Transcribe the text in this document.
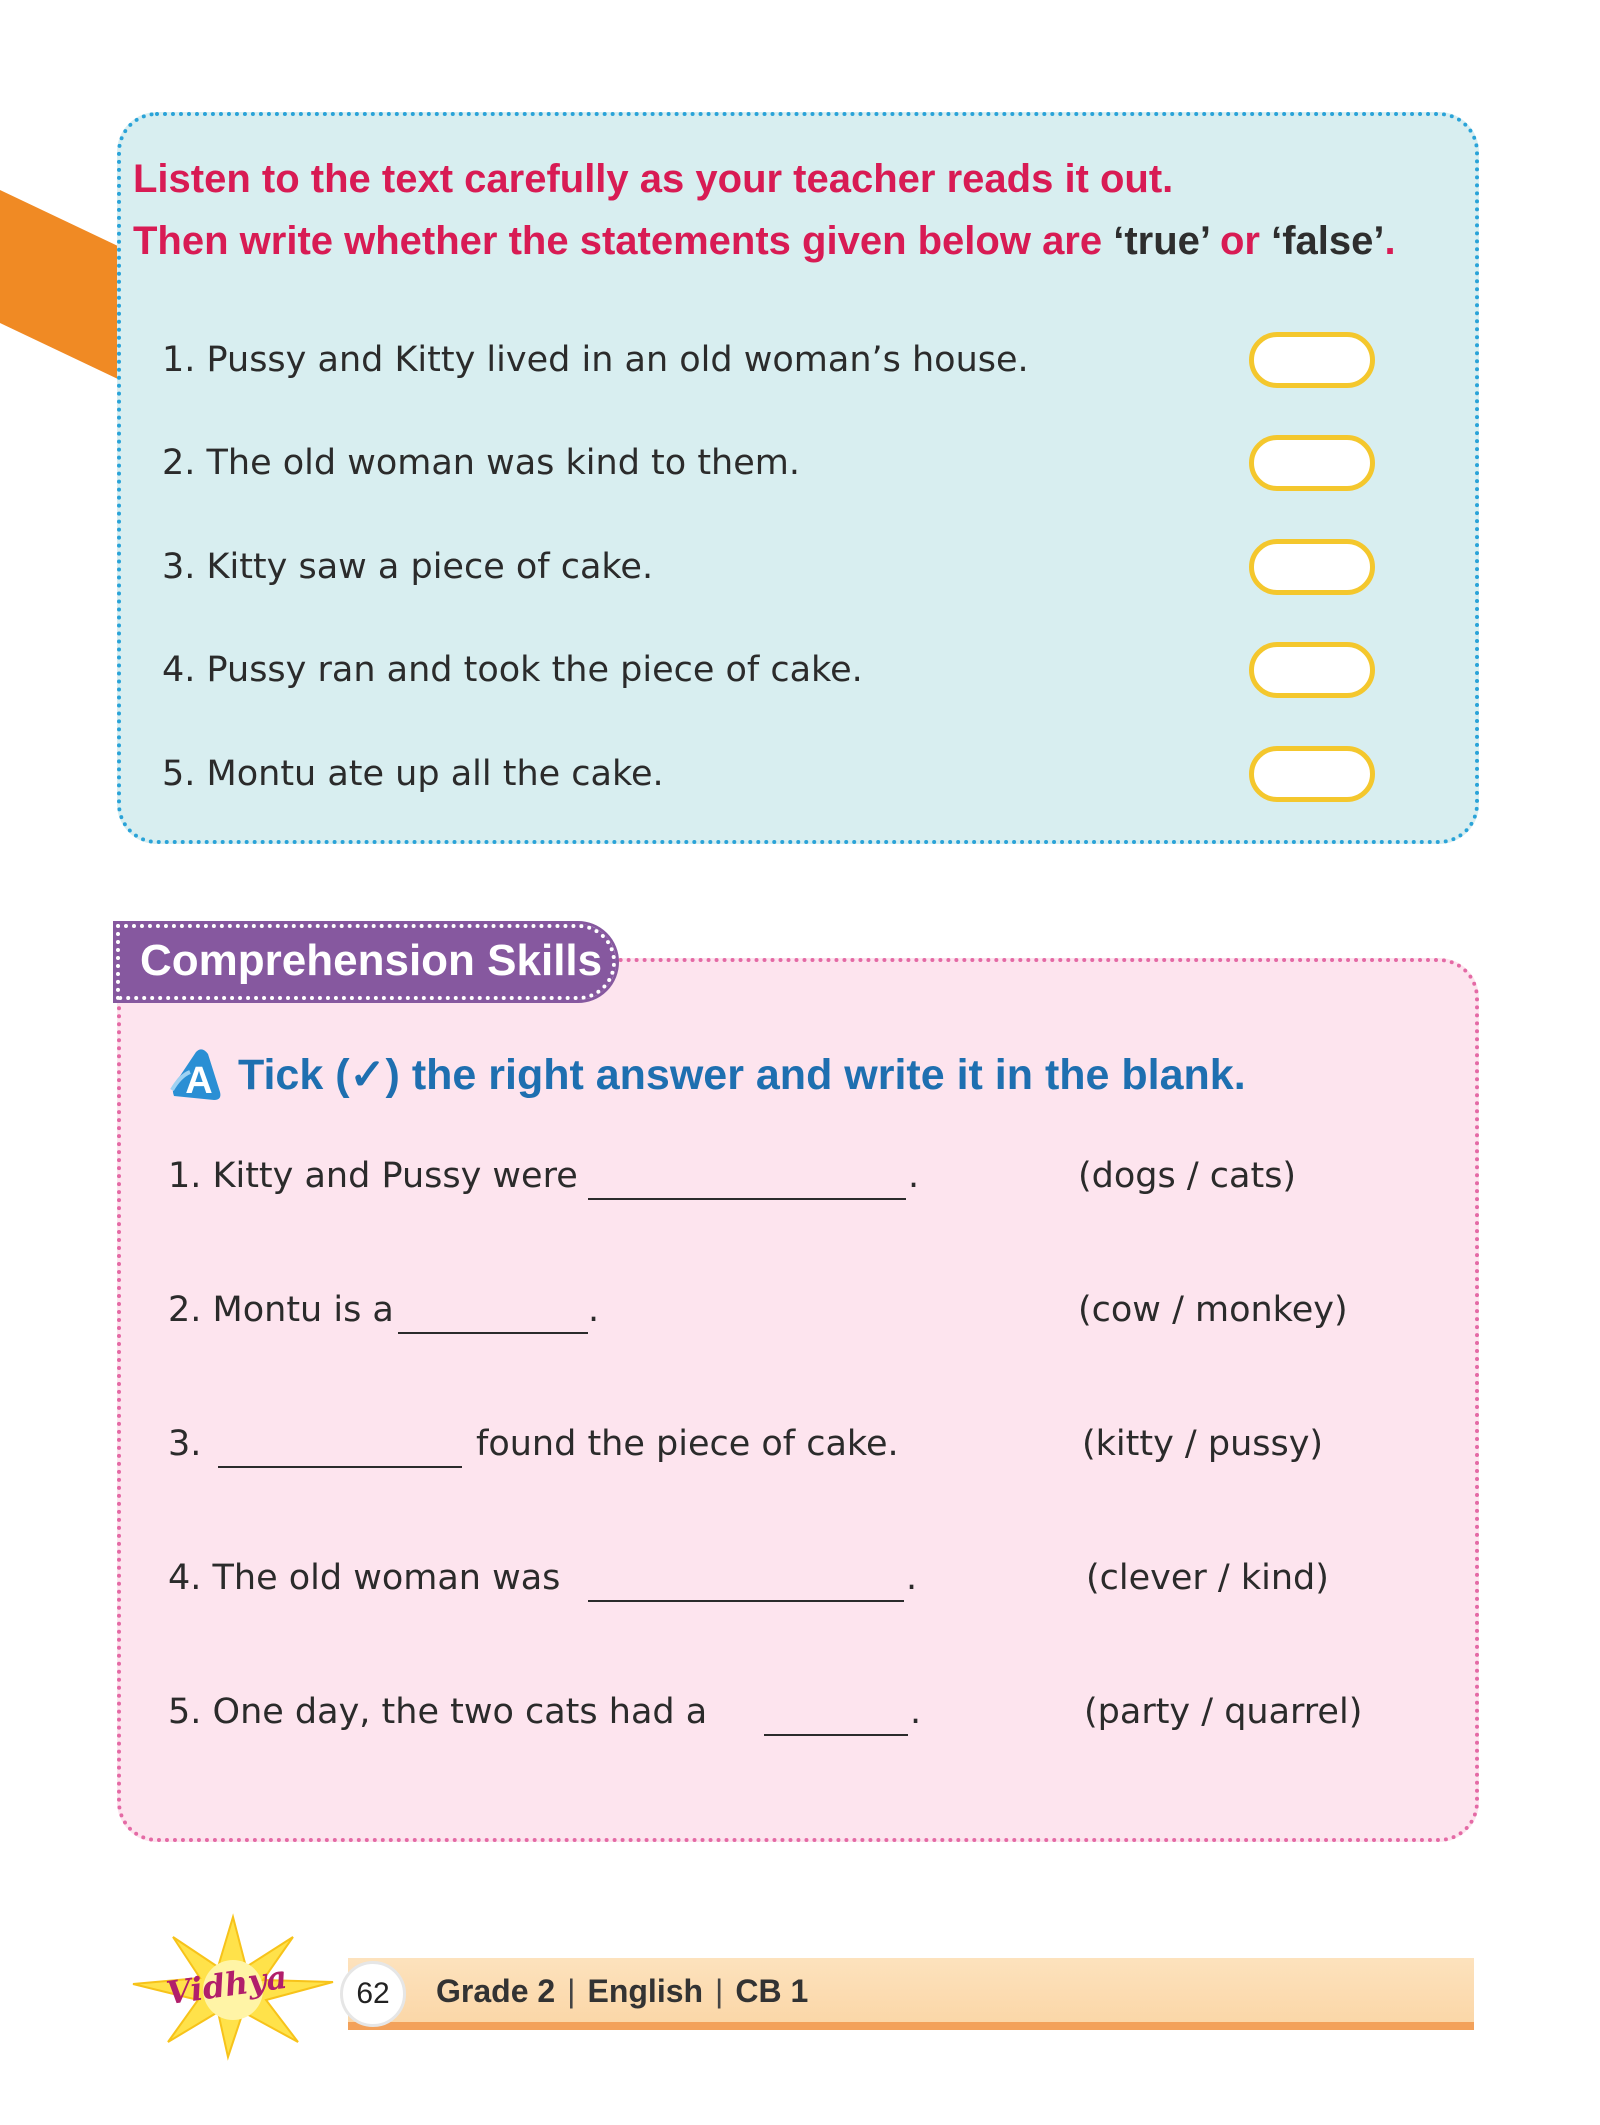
Listen to the text carefully as your teacher reads it out.
Then write whether the statements given below are ‘true’ or ‘false’.
1. Pussy and Kitty lived in an old woman’s house.
2. The old woman was kind to them.
3. Kitty saw a piece of cake.
4. Pussy ran and took the piece of cake.
5. Montu ate up all the cake.
Comprehension Skills
A Tick (✓) the right answer and write it in the blank.
1. Kitty and Pussy were	.	(dogs / cats)
2. Montu is a	.	(cow / monkey)
3.	found the piece of cake.	(kitty / pussy)
4. The old woman was	.	(clever / kind)
5. One day, the two cats had a	.	(party / quarrel)
Vidhya	62	Grade 2 | English | CB 1
